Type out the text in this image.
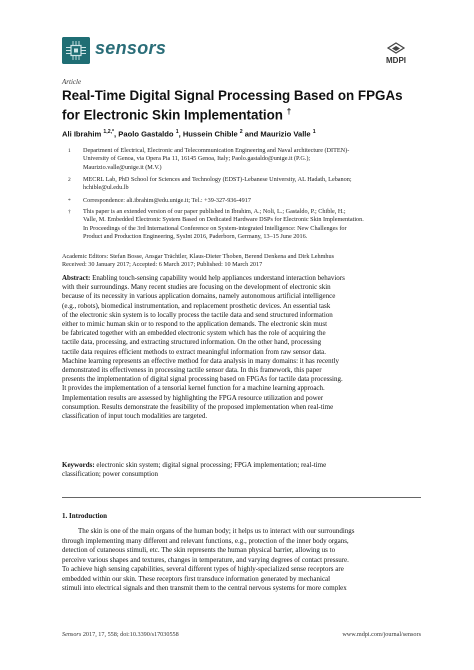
sensors
MDPI
Article
Real-Time Digital Signal Processing Based on FPGAs for Electronic Skin Implementation †
Ali Ibrahim $^{1,2,*}$, Paolo Gastaldo $^1$, Hussein Chible $^2$ and Maurizio Valle $^1$
1 Department of Electrical, Electronic and Telecommunication Engineering and Naval architecture (DITEN)-
University of Genoa, via Opera Pia 11, 16145 Genoa, Italy; Paolo.gastaldo@unige.it (P.G.);
Maurizio.valle@unige.it (M.V.)
2 MECRL Lab, PhD School for Sciences and Technology (EDST)-Lebanese University, AL Hadath, Lebanon;
hchible@ul.edu.lb
* Correspondence: ali.ibrahim@edu.unige.it; Tel.: +39-327-936-4917
† This paper is an extended version of our paper published in Ibrahim, A.; Noli, L.; Gastaldo, P.; Chible, H.;
Valle, M. Embedded Electronic System Based on Dedicated Hardware DSPs for Electronic Skin Implementation.
In Proceedings of the 3rd International Conference on System-integrated Intelligence: New Challenges for
Product and Production Engineering, SysInt 2016, Paderborn, Germany, 13–15 June 2016.
Academic Editors: Stefan Bosse, Ansgar Trächtler, Klaus-Dieter Thoben, Berend Denkena and Dirk Lehmhus
Received: 30 January 2017; Accepted: 6 March 2017; Published: 10 March 2017
Abstract: Enabling touch-sensing capability would help appliances understand interaction behaviors
with their surroundings. Many recent studies are focusing on the development of electronic skin
because of its necessity in various application domains, namely autonomous artificial intelligence
(e.g., robots), biomedical instrumentation, and replacement prosthetic devices. An essential task
of the electronic skin system is to locally process the tactile data and send structured information
either to mimic human skin or to respond to the application demands. The electronic skin must
be fabricated together with an embedded electronic system which has the role of acquiring the
tactile data, processing, and extracting structured information. On the other hand, processing
tactile data requires efficient methods to extract meaningful information from raw sensor data.
Machine learning represents an effective method for data analysis in many domains: it has recently
demonstrated its effectiveness in processing tactile sensor data. In this framework, this paper
presents the implementation of digital signal processing based on FPGAs for tactile data processing.
It provides the implementation of a tensorial kernel function for a machine learning approach.
Implementation results are assessed by highlighting the FPGA resource utilization and power
consumption. Results demonstrate the feasibility of the proposed implementation when real-time
classification of input touch modalities are targeted.
Keywords: electronic skin system; digital signal processing; FPGA implementation; real-time
classification; power consumption
1. Introduction
The skin is one of the main organs of the human body; it helps us to interact with our surroundings
through implementing many different and relevant functions, e.g., protection of the inner body organs,
detection of cutaneous stimuli, etc. The skin represents the human physical barrier, allowing us to
perceive various shapes and textures, changes in temperature, and varying degrees of contact pressure.
To achieve high sensing capabilities, several different types of highly-specialized sense receptors are
embedded within our skin. These receptors first transduce information generated by mechanical
stimuli into electrical signals and then transmit them to the central nervous systems for more complex
Sensors 2017, 17, 558; doi:10.3390/s17030558	www.mdpi.com/journal/sensors
